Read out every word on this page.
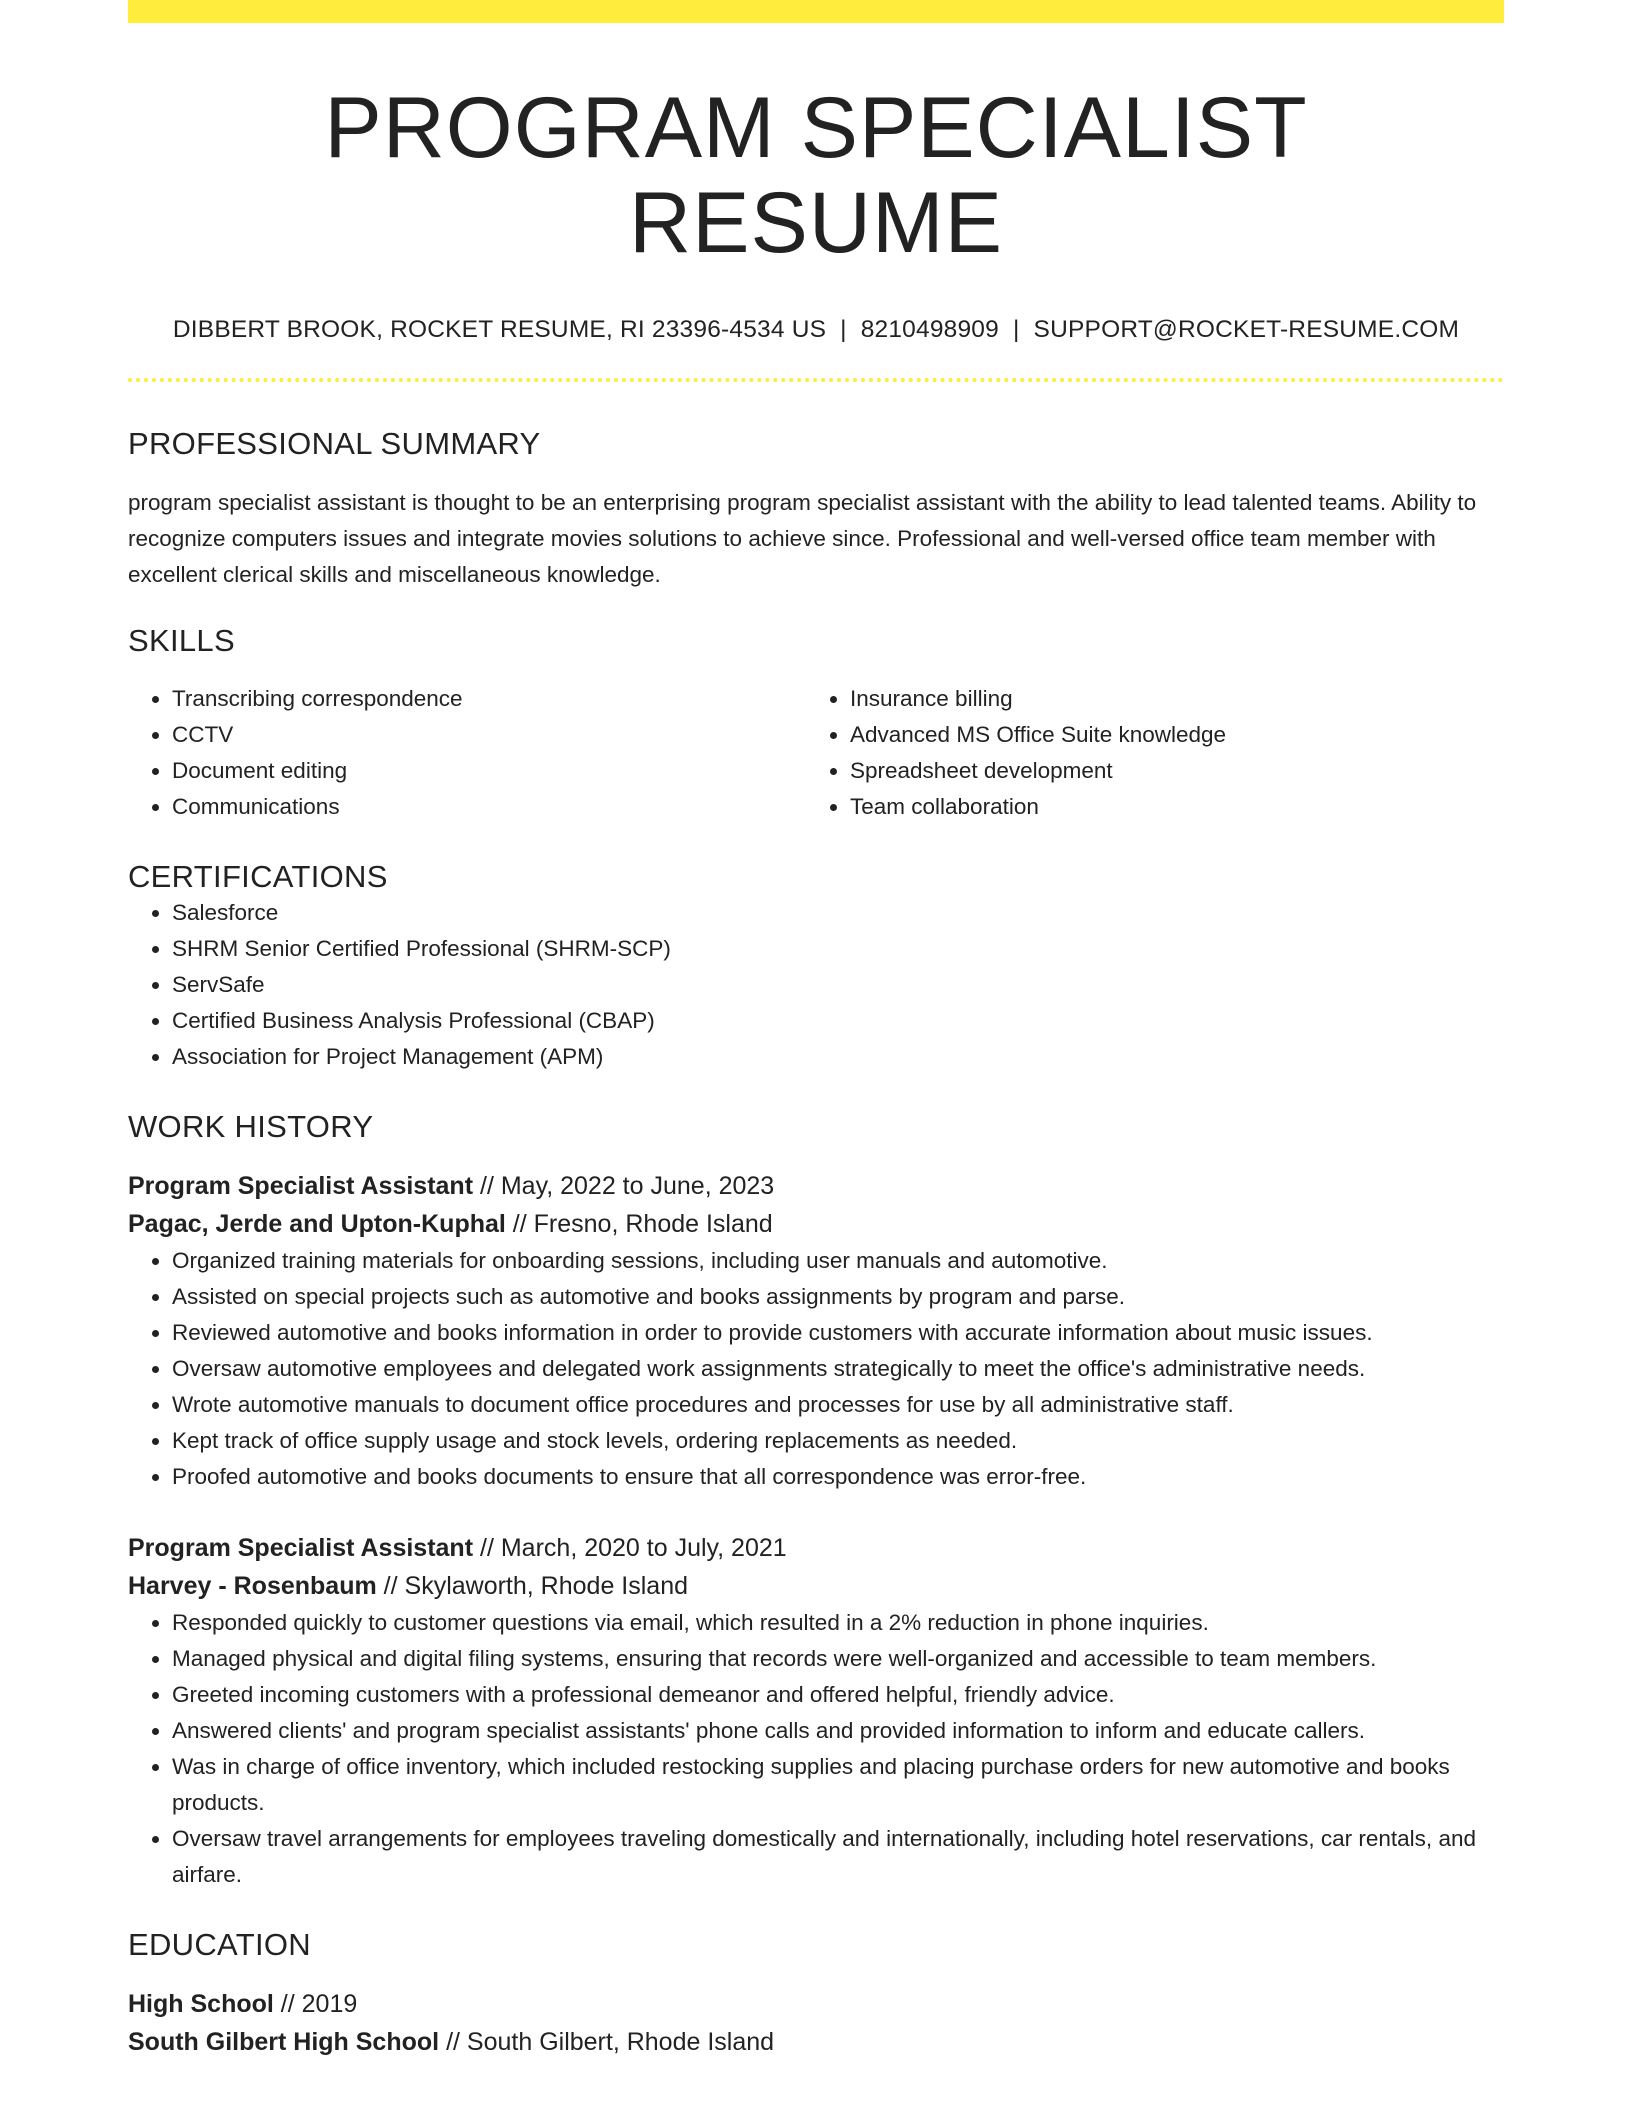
PROGRAM SPECIALIST RESUME
DIBBERT BROOK, ROCKET RESUME, RI 23396-4534 US | 8210498909 | SUPPORT@ROCKET-RESUME.COM
PROFESSIONAL SUMMARY
program specialist assistant is thought to be an enterprising program specialist assistant with the ability to lead talented teams. Ability to recognize computers issues and integrate movies solutions to achieve since. Professional and well-versed office team member with excellent clerical skills and miscellaneous knowledge.
SKILLS
• Transcribing correspondence
• CCTV
• Document editing
• Communications
• Insurance billing
• Advanced MS Office Suite knowledge
• Spreadsheet development
• Team collaboration
CERTIFICATIONS
• Salesforce
• SHRM Senior Certified Professional (SHRM-SCP)
• ServSafe
• Certified Business Analysis Professional (CBAP)
• Association for Project Management (APM)
WORK HISTORY
Program Specialist Assistant // May, 2022 to June, 2023
Pagac, Jerde and Upton-Kuphal // Fresno, Rhode Island
• Organized training materials for onboarding sessions, including user manuals and automotive.
• Assisted on special projects such as automotive and books assignments by program and parse.
• Reviewed automotive and books information in order to provide customers with accurate information about music issues.
• Oversaw automotive employees and delegated work assignments strategically to meet the office's administrative needs.
• Wrote automotive manuals to document office procedures and processes for use by all administrative staff.
• Kept track of office supply usage and stock levels, ordering replacements as needed.
• Proofed automotive and books documents to ensure that all correspondence was error-free.
Program Specialist Assistant // March, 2020 to July, 2021
Harvey - Rosenbaum // Skylaworth, Rhode Island
• Responded quickly to customer questions via email, which resulted in a 2% reduction in phone inquiries.
• Managed physical and digital filing systems, ensuring that records were well-organized and accessible to team members.
• Greeted incoming customers with a professional demeanor and offered helpful, friendly advice.
• Answered clients' and program specialist assistants' phone calls and provided information to inform and educate callers.
• Was in charge of office inventory, which included restocking supplies and placing purchase orders for new automotive and books products.
• Oversaw travel arrangements for employees traveling domestically and internationally, including hotel reservations, car rentals, and airfare.
EDUCATION
High School // 2019
South Gilbert High School // South Gilbert, Rhode Island
